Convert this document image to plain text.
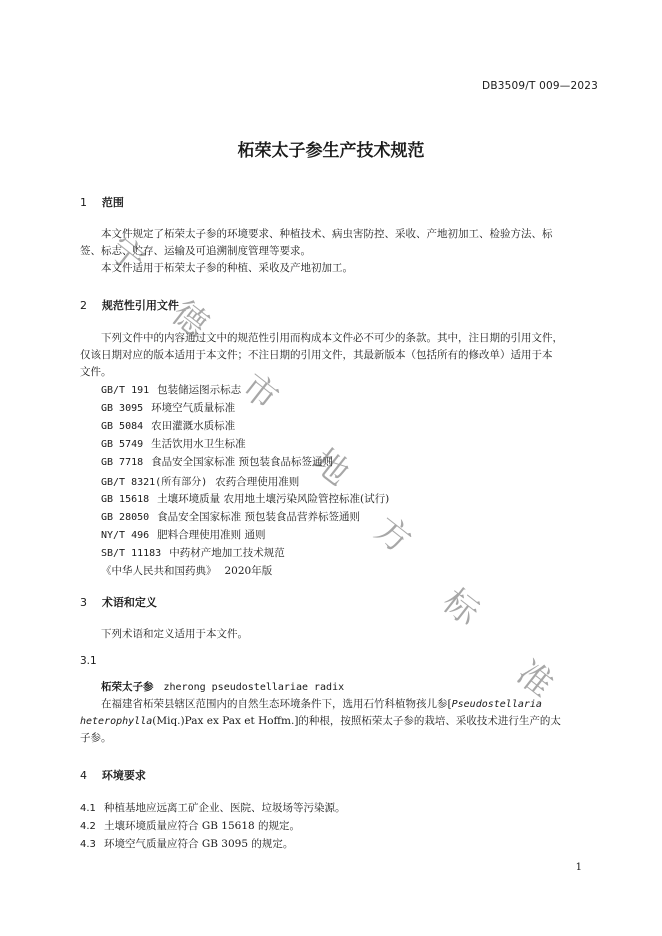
DB3509/T 009—2023
柘荣太子参生产技术规范
1 范围
本文件规定了柘荣太子参的环境要求、种植技术、病虫害防控、采收、产地初加工、检验方法、标
签、标志、贮存、运输及可追溯制度管理等要求。
本文件适用于柘荣太子参的种植、采收及产地初加工。
2 规范性引用文件
下列文件中的内容通过文中的规范性引用而构成本文件必不可少的条款。其中，注日期的引用文件，
仅该日期对应的版本适用于本文件；不注日期的引用文件，其最新版本（包括所有的修改单）适用于本
文件。
GB/T 191 包装储运图示标志
GB 3095 环境空气质量标准
GB 5084 农田灌溉水质标准
GB 5749 生活饮用水卫生标准
GB 7718 食品安全国家标准 预包装食品标签通则
GB/T 8321(所有部分) 农药合理使用准则
GB 15618 土壤环境质量 农用地土壤污染风险管控标准(试行)
GB 28050 食品安全国家标准 预包装食品营养标签通则
NY/T 496 肥料合理使用准则 通则
SB/T 11183 中药材产地加工技术规范
《中华人民共和国药典》 2020年版
3 术语和定义
下列术语和定义适用于本文件。
3.1
柘荣太子参 zherong pseudostellariae radix
在福建省柘荣县辖区范围内的自然生态环境条件下，选用石竹科植物孩儿参[Pseudostellaria
heterophylla(Miq.)Pax ex Pax et Hoffm.]的种根，按照柘荣太子参的栽培、采收技术进行生产的太
子参。
4 环境要求
4.1 种植基地应远离工矿企业、医院、垃圾场等污染源。
4.2 土壤环境质量应符合 GB 15618 的规定。
4.3 环境空气质量应符合 GB 3095 的规定。
1
宁
德
市
地
方
标
准
